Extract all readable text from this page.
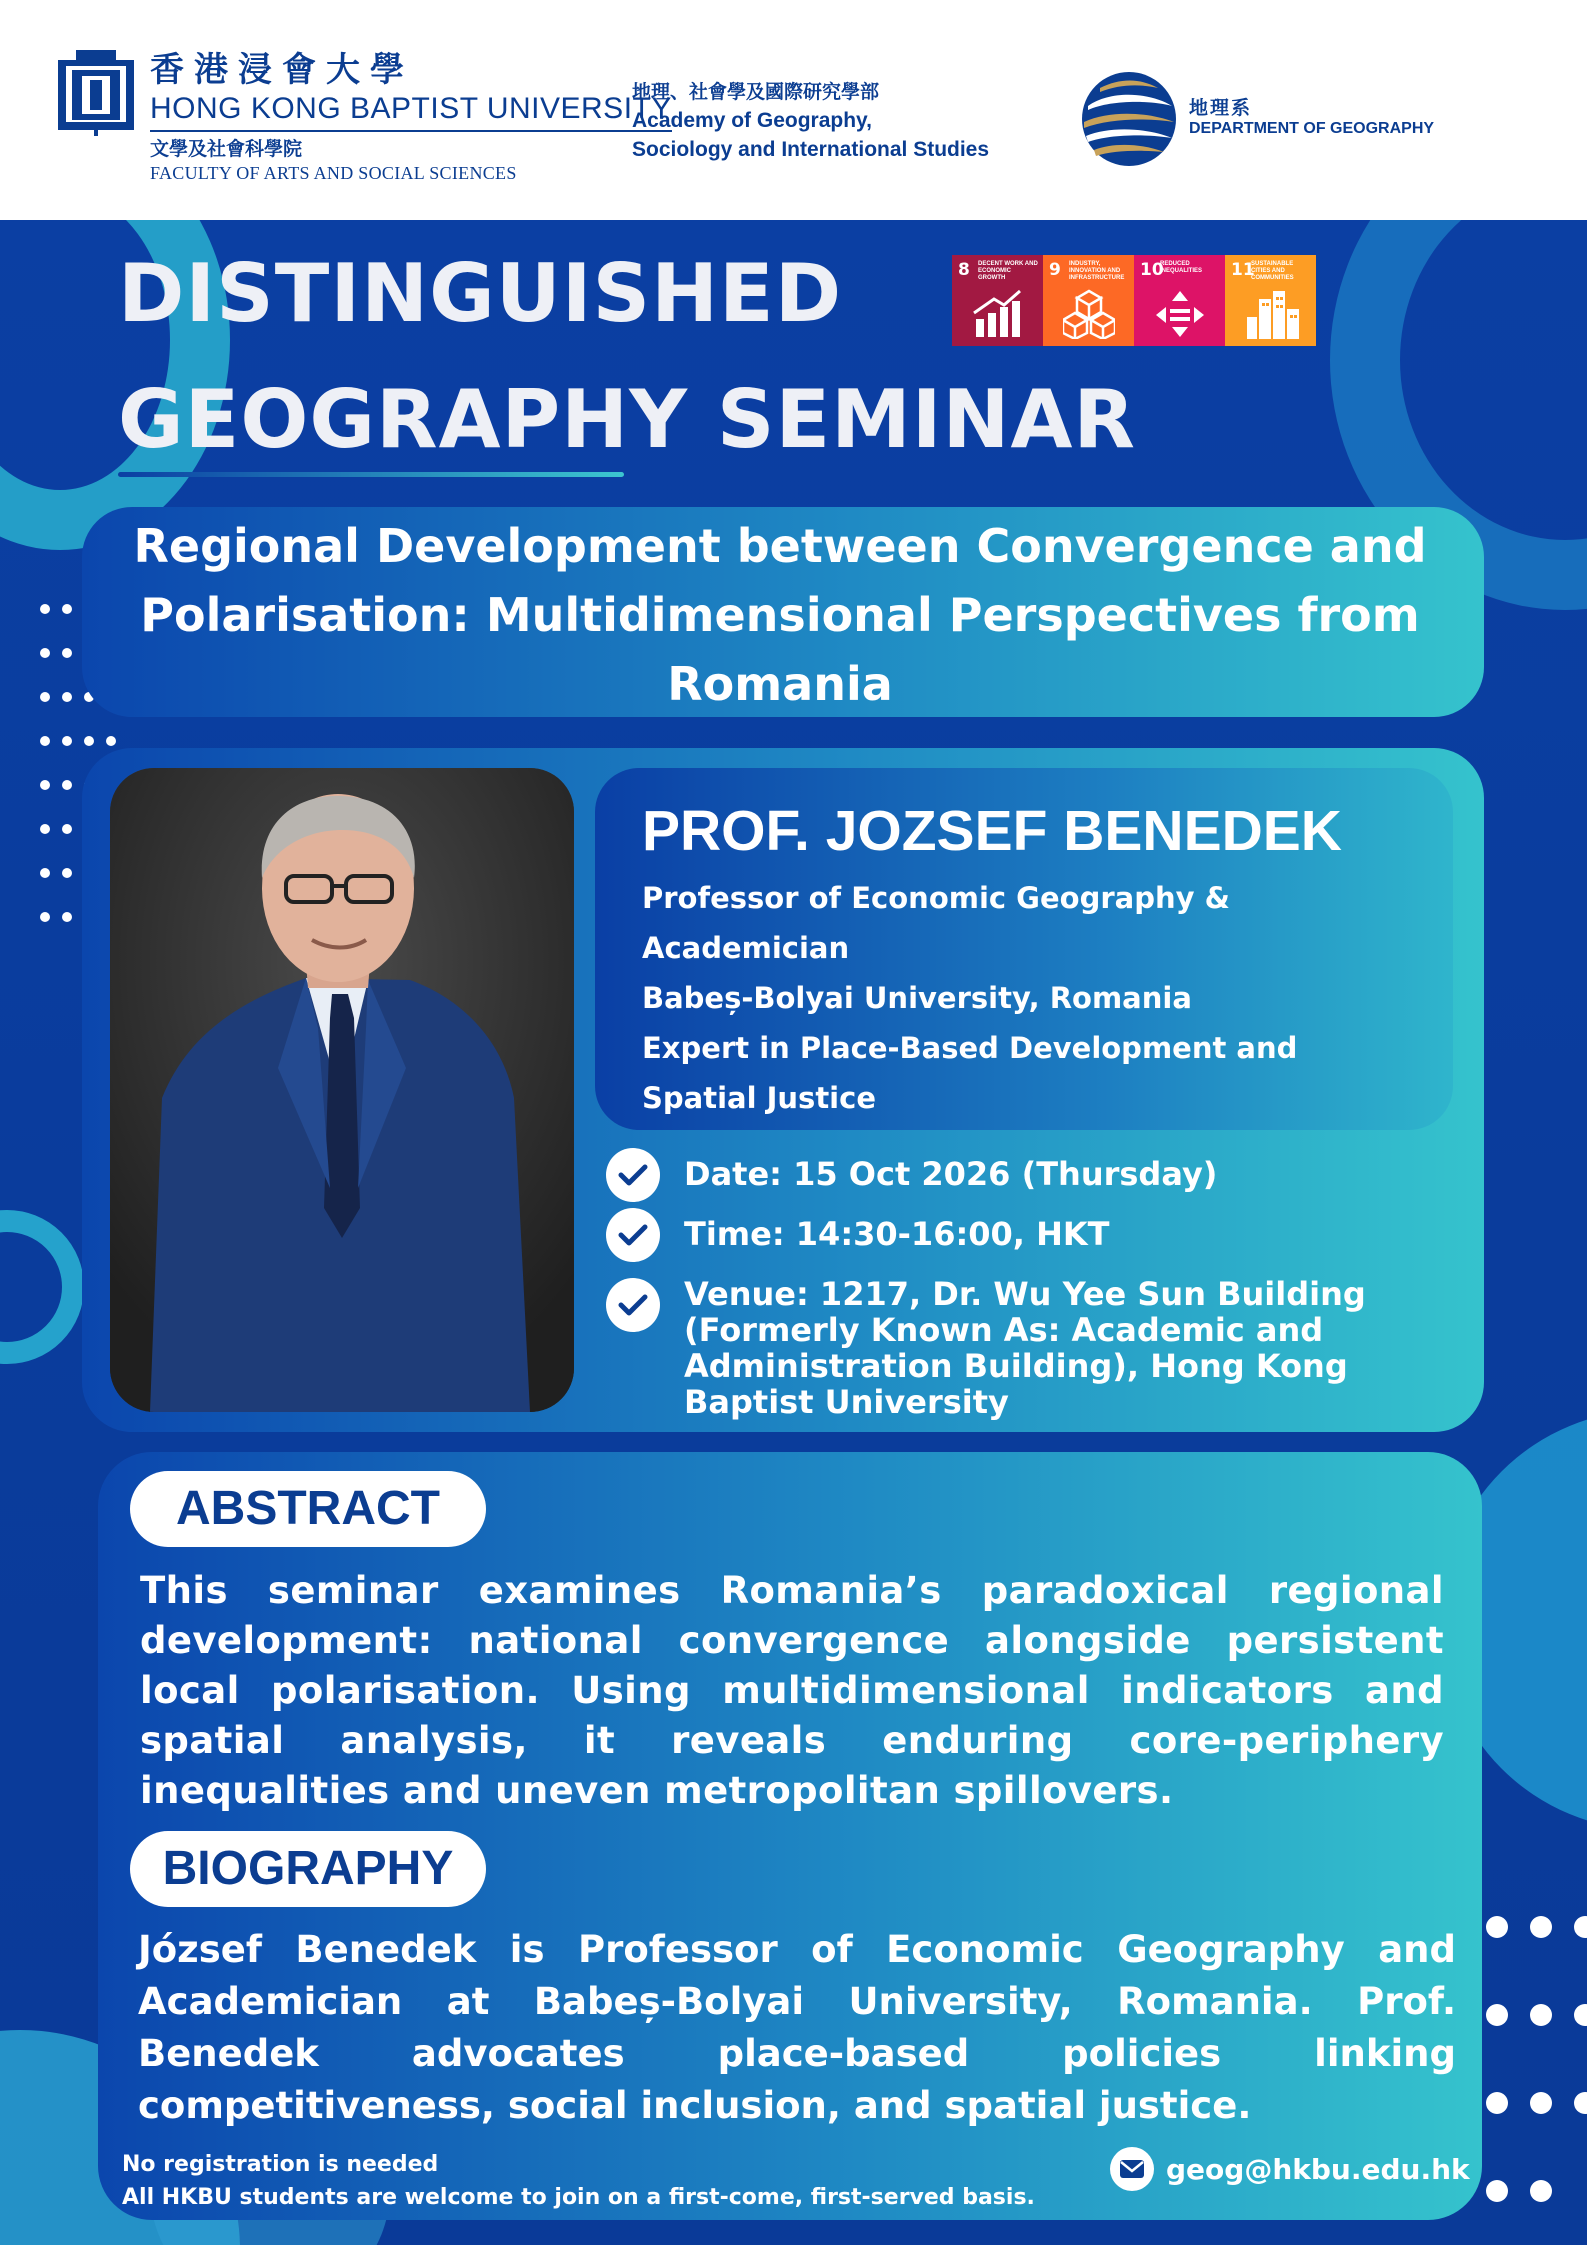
香港浸會大學
HONG KONG BAPTIST UNIVERSITY
文學及社會科學院
FACULTY OF ARTS AND SOCIAL SCIENCES
地理、社會學及國際研究學部
Academy of Geography,
Sociology and International Studies
地理系
DEPARTMENT OF GEOGRAPHY
DISTINGUISHED
GEOGRAPHY SEMINAR
8 DECENT WORK AND ECONOMIC GROWTH	9 INDUSTRY, INNOVATION AND INFRASTRUCTURE 10
REDUCED INEQUALITIES	11
SUSTAINABLE CITIES AND COMMUNITIES
Regional Development between Convergence and Polarisation: Multidimensional Perspectives from Romania
PROF. JOZSEF BENEDEK
Professor of Economic Geography &
Academician
Babeș-Bolyai University, Romania
Expert in Place-Based Development and
Spatial Justice
Date: 15 Oct 2026 (Thursday)
Time: 14:30-16:00, HKT
Venue: 1217, Dr. Wu Yee Sun Building (Formerly Known As: Academic and Administration Building), Hong Kong Baptist University
ABSTRACT
This seminar examines Romania’s paradoxical regional development: national convergence alongside persistent local polarisation. Using multidimensional indicators and spatial analysis, it reveals enduring core-periphery inequalities and uneven metropolitan spillovers.
BIOGRAPHY
József Benedek is Professor of Economic Geography and Academician at Babeș-Bolyai University, Romania. Prof. Benedek advocates place-based policies linking competitiveness, social inclusion, and spatial justice.
No registration is needed
All HKBU students are welcome to join on a first-come, first-served basis.
geog@hkbu.edu.hk
